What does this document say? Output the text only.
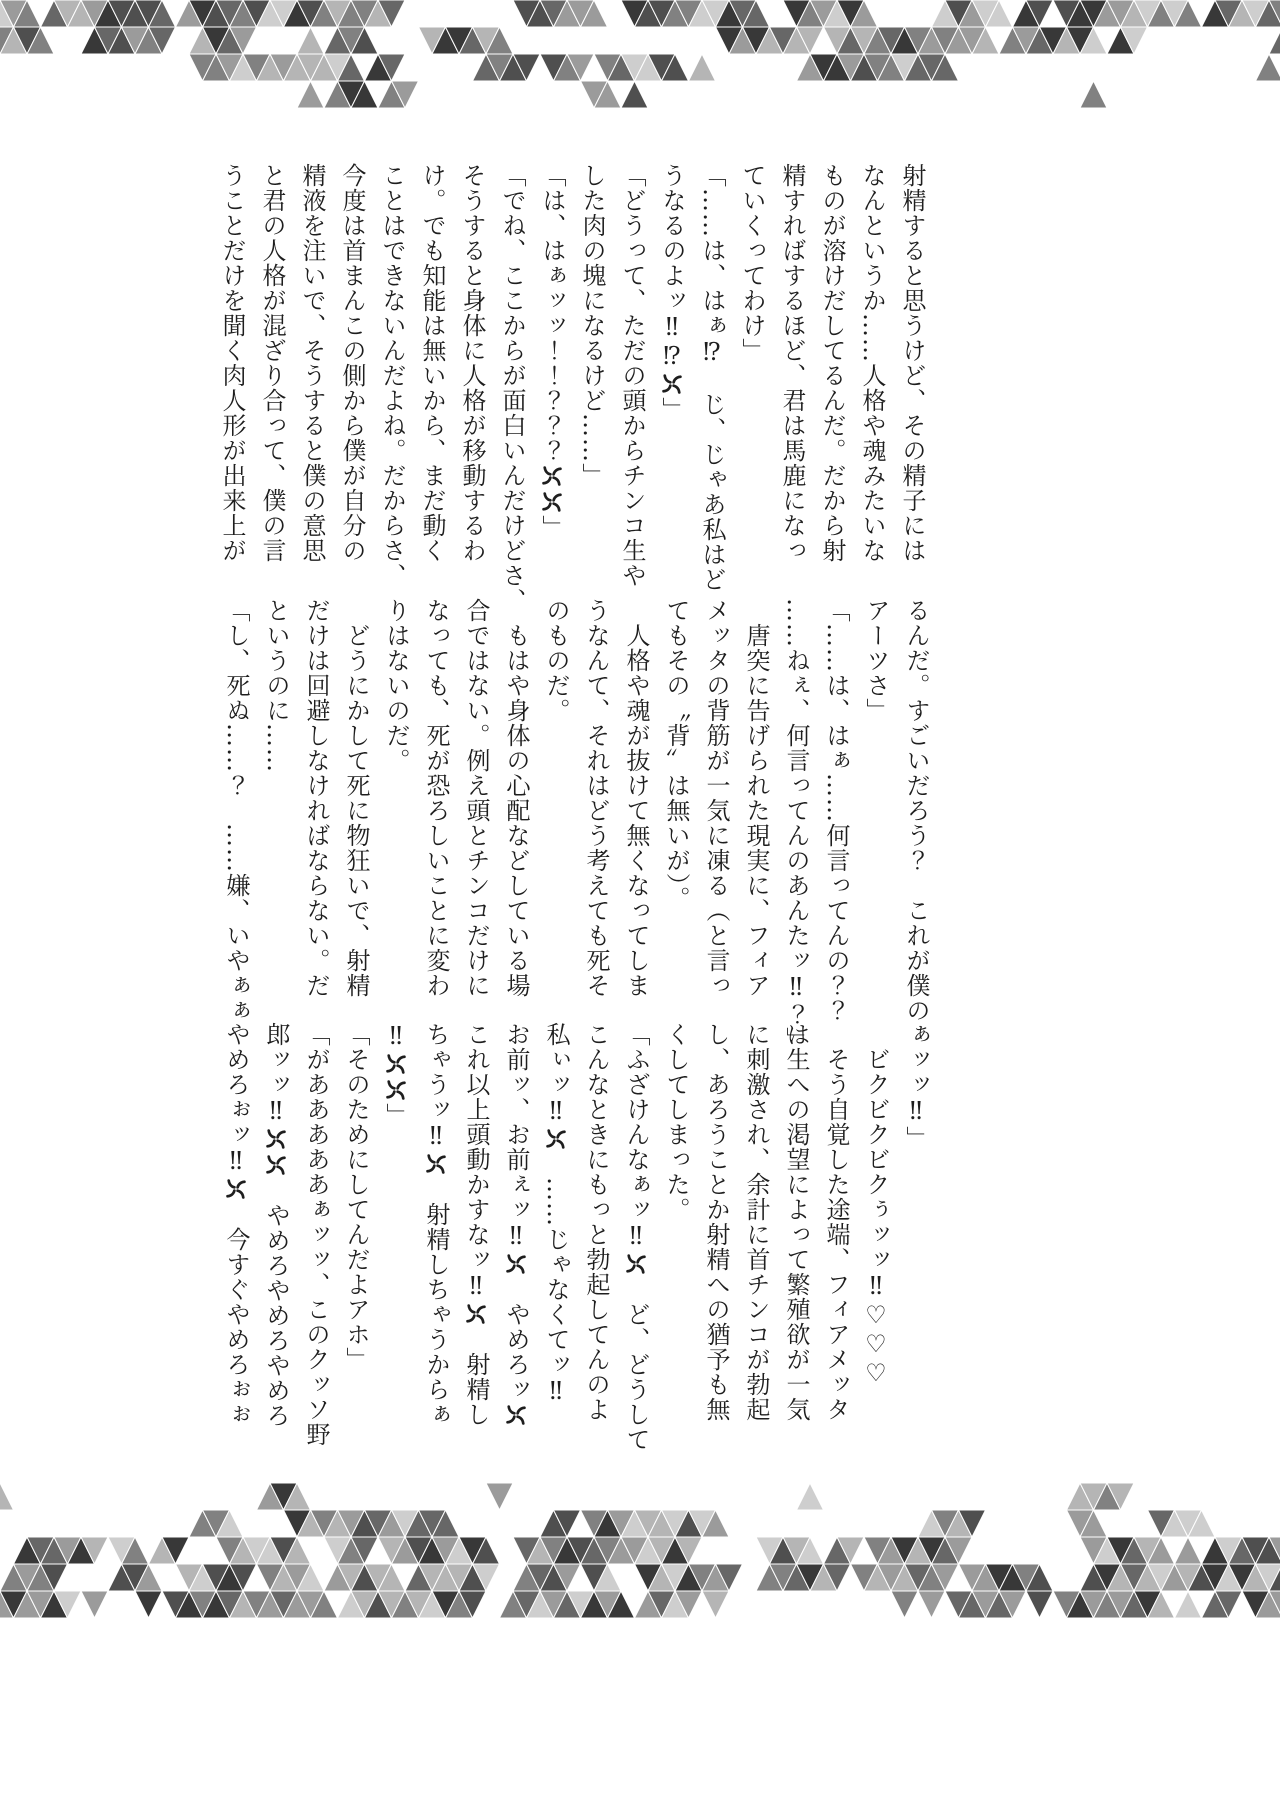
射精すると思うけど、その精子には
なんというか……人格や魂みたいな
ものが溶けだしてるんだ。だから射
精すればするほど、君は馬鹿になっ
ていくってわけ」
「……は、はぁ⁉　じ、じゃあ私はど
うなるのよッ‼⁉」
「どうって、ただの頭からチンコ生や
した肉の塊になるけど……」
「は、はぁッッ！！？？？」
「でね、ここからが面白いんだけどさ、
そうすると身体に人格が移動するわ
け。でも知能は無いから、まだ動く
ことはできないんだよね。だからさ、
今度は首まんこの側から僕が自分の
精液を注いで、そうすると僕の意思
と君の人格が混ざり合って、僕の言
うことだけを聞く肉人形が出来上が
るんだ。すごいだろう？　これが僕の
アーツさ」
「……は、はぁ……何言ってんの？？
……ねぇ、何言ってんのあんたッ‼？」
　唐突に告げられた現実に、フィア
メッタの背筋が一気に凍る（と言っ
てもその〝背〟は無いが）。
　人格や魂が抜けて無くなってしま
うなんて、それはどう考えても死そ
のものだ。
　もはや身体の心配などしている場
合ではない。例え頭とチンコだけに
なっても、死が恐ろしいことに変わ
りはないのだ。
　どうにかして死に物狂いで、射精
だけは回避しなければならない。だ
というのに……
「し、死ぬ……？　……嫌、いやぁぁ
ぁッッ‼」
　ビクビクビクぅッッ‼♡♡♡
　そう自覚した途端、フィアメッタ
は生への渇望によって繁殖欲が一気
に刺激され、余計に首チンコが勃起
し、あろうことか射精への猶予も無
くしてしまった。
「ふざけんなぁッ‼　ど、どうして
こんなときにもっと勃起してんのよ
私ぃッ‼　……じゃなくてッ‼
お前ッ、お前ぇッ‼　やめろッ
これ以上頭動かすなッ‼　射精し
ちゃうッ‼　射精しちゃうからぁ
‼」
「そのためにしてんだよアホ」
「があああああぁッッ、このクッソ野
郎ッッ‼　やめろやめろやめろ
やめろぉッ‼　今すぐやめろぉぉ
